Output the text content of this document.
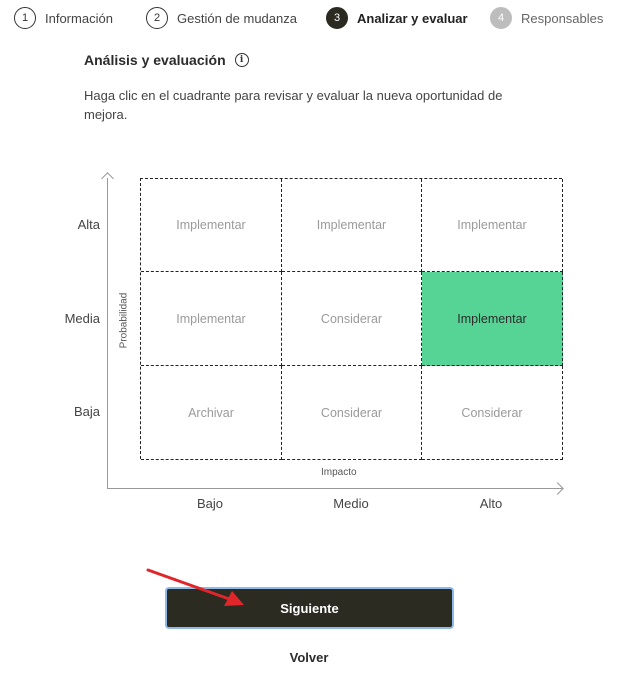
1	Información	2	Gestión de mudanza	3	Analizar y evaluar	4	Responsables
Análisis y evaluación	i
Haga clic en el cuadrante para revisar y evaluar la nueva oportunidad de mejora.
Probabilidad
Impacto
Alta
Media
Baja
Implementar	Implementar	Implementar
Implementar	Considerar	Implementar
Archivar	Considerar	Considerar
Bajo	Medio	Alto
Siguiente
Volver
